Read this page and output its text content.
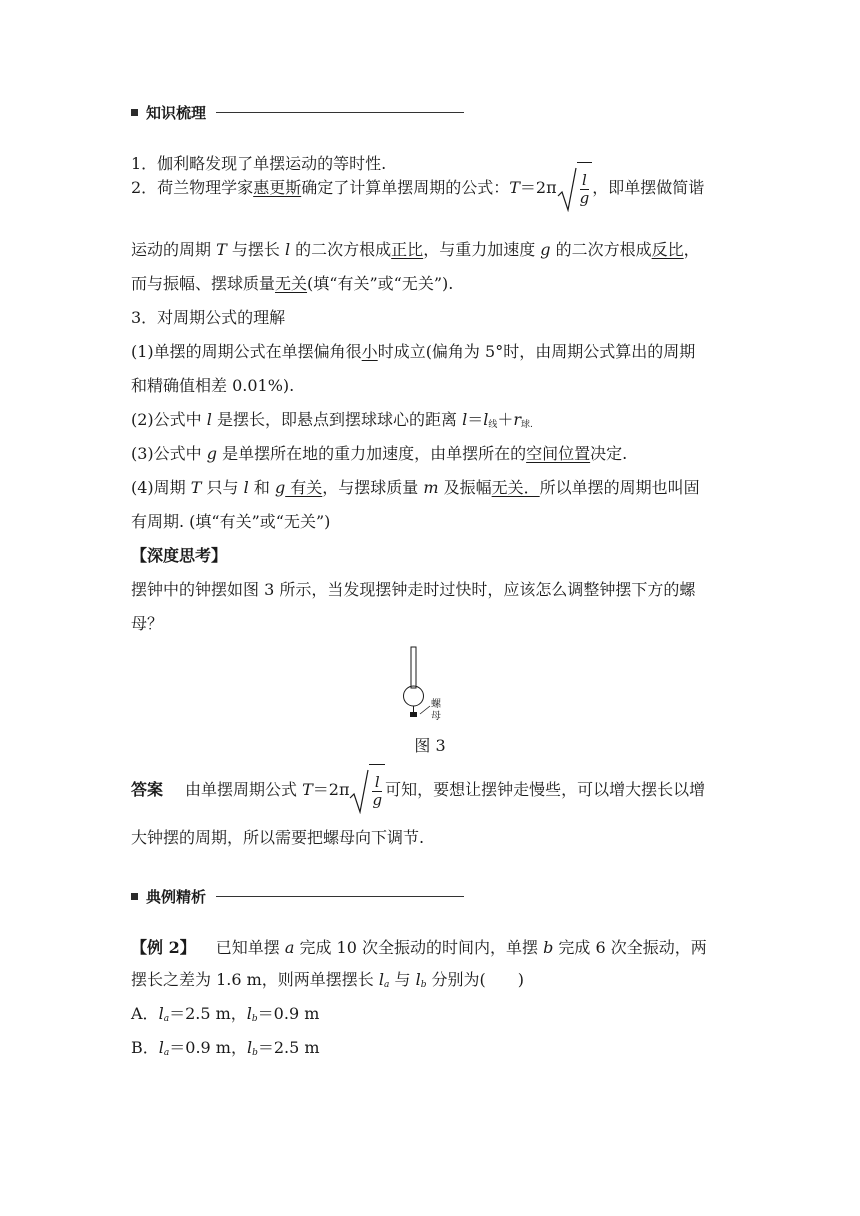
知识梳理
1．伽利略发现了单摆运动的等时性.
2．荷兰物理学家惠更斯确定了计算单摆周期的公式：$T=2\pi \frac{l}{g}$ ，即单摆做简谐
运动的周期 T 与摆长 l 的二次方根成正比，与重力加速度 g 的二次方根成反比，
而与振幅、摆球质量无关(填“有关”或“无关”).
3．对周期公式的理解
(1)单摆的周期公式在单摆偏角很小时成立(偏角为 5°时，由周期公式算出的周期
和精确值相差 0.01%).
(2)公式中 l 是摆长，即悬点到摆球球心的距离 $l=l_线+r_{球.}$
(3)公式中 g 是单摆所在地的重力加速度，由单摆所在的空间位置决定.
(4)周期 T 只与 l 和 g 有关，与摆球质量 m 及振幅无关．所以单摆的周期也叫固
有周期. (填“有关”或“无关”)
【深度思考】
摆钟中的钟摆如图 3 所示，当发现摆钟走时过快时，应该怎么调整钟摆下方的螺
母？
螺
母
图 3
答案 由单摆周期公式 $T=2\pi \frac{l}{g}$ 可知，要想让摆钟走慢些，可以增大摆长以增
大钟摆的周期，所以需要把螺母向下调节.
典例精析
【例 2】 已知单摆 a 完成 10 次全振动的时间内，单摆 b 完成 6 次全振动，两
摆长之差为 1.6 m，则两单摆摆长 $l_a$ 与 $l_b$ 分别为(　　)
A．$l_a=2.5$ m，$l_b=0.9$ m
B．$l_a=0.9$ m，$l_b=2.5$ m
